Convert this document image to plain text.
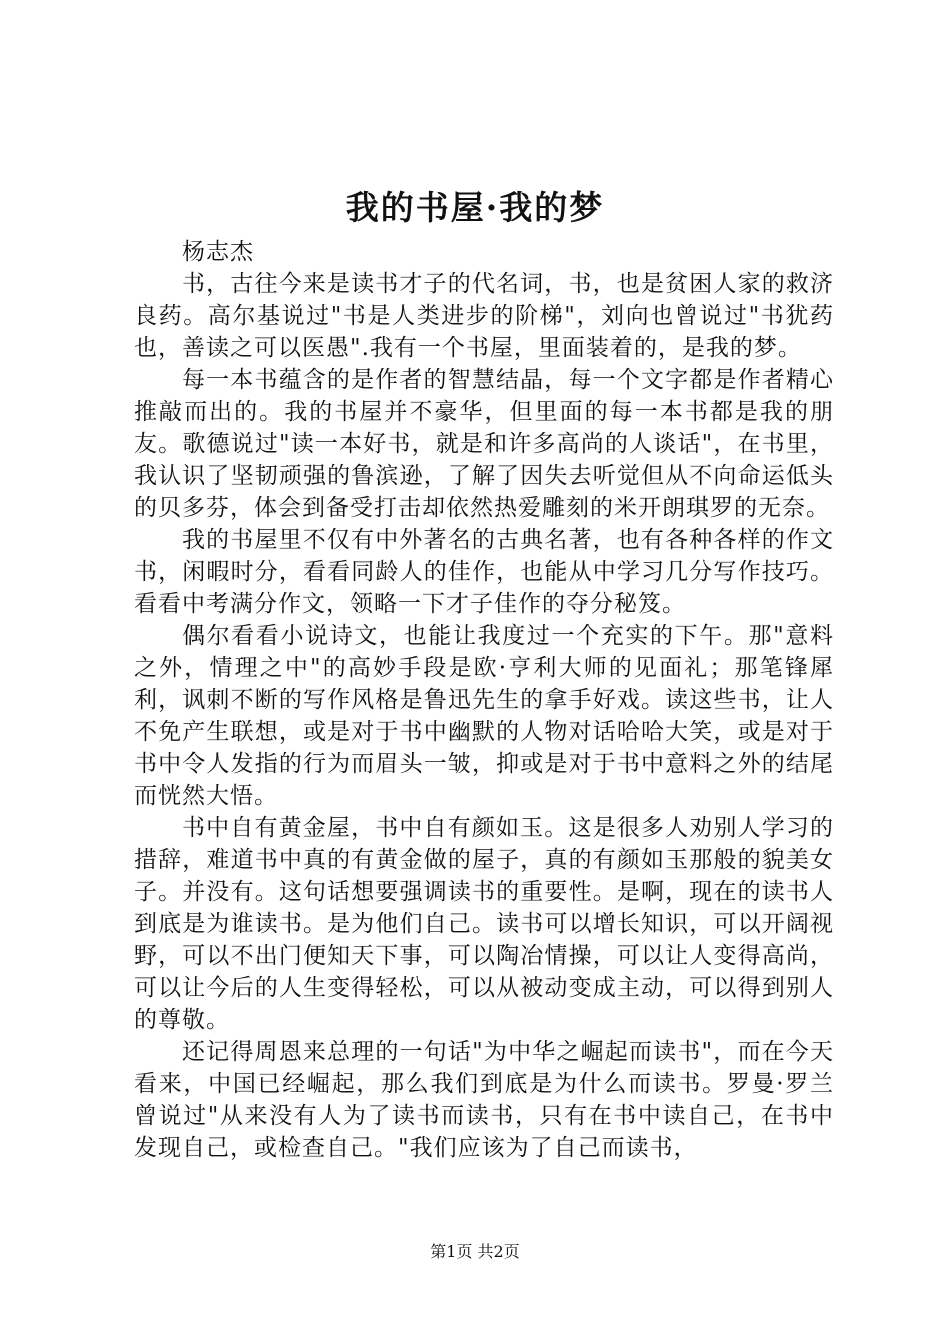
我的书屋·我的梦

杨志杰

书，古往今来是读书才子的代名词，书，也是贫困人家的救济良药。高尔基说过"书是人类进步的阶梯"，刘向也曾说过"书犹药也，善读之可以医愚".我有一个书屋，里面装着的，是我的梦。

每一本书蕴含的是作者的智慧结晶，每一个文字都是作者精心推敲而出的。我的书屋并不豪华，但里面的每一本书都是我的朋友。歌德说过"读一本好书，就是和许多高尚的人谈话"，在书里，我认识了坚韧顽强的鲁滨逊，了解了因失去听觉但从不向命运低头的贝多芬，体会到备受打击却依然热爱雕刻的米开朗琪罗的无奈。

我的书屋里不仅有中外著名的古典名著，也有各种各样的作文书，闲暇时分，看看同龄人的佳作，也能从中学习几分写作技巧。看看中考满分作文，领略一下才子佳作的夺分秘笈。

偶尔看看小说诗文，也能让我度过一个充实的下午。那"意料之外，情理之中"的高妙手段是欧·亨利大师的见面礼；那笔锋犀利，讽刺不断的写作风格是鲁迅先生的拿手好戏。读这些书，让人不免产生联想，或是对于书中幽默的人物对话哈哈大笑，或是对于书中令人发指的行为而眉头一皱，抑或是对于书中意料之外的结尾而恍然大悟。

书中自有黄金屋，书中自有颜如玉。这是很多人劝别人学习的措辞，难道书中真的有黄金做的屋子，真的有颜如玉那般的貌美女子。并没有。这句话想要强调读书的重要性。是啊，现在的读书人到底是为谁读书。是为他们自己。读书可以增长知识，可以开阔视野，可以不出门便知天下事，可以陶冶情操，可以让人变得高尚，可以让今后的人生变得轻松，可以从被动变成主动，可以得到别人的尊敬。

还记得周恩来总理的一句话"为中华之崛起而读书"，而在今天看来，中国已经崛起，那么我们到底是为什么而读书。罗曼·罗兰曾说过"从来没有人为了读书而读书，只有在书中读自己，在书中发现自己，或检查自己。"我们应该为了自己而读书，

第1页 共2页
